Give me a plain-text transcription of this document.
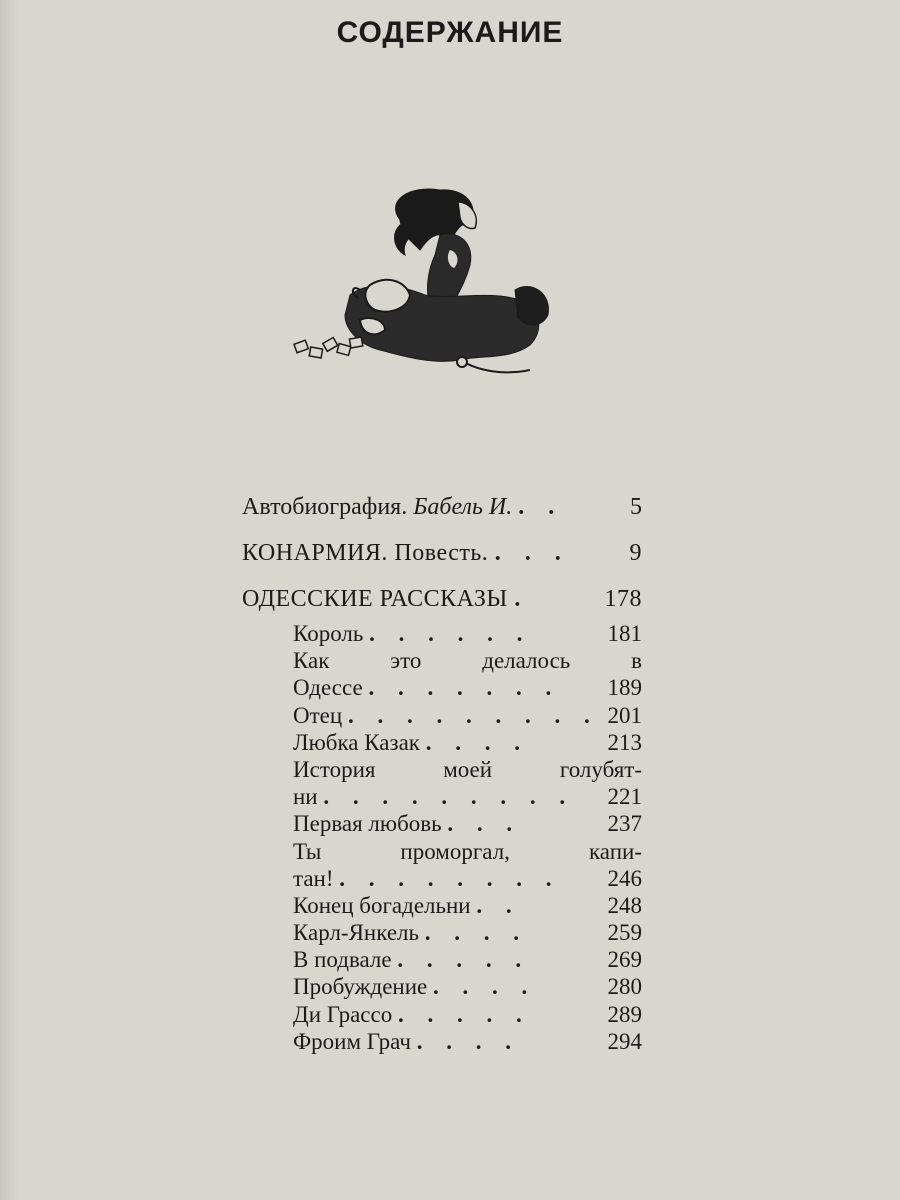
СОДЕРЖАНИЕ
Автобиография. Бабель И. . .	5
КОНАРМИЯ. Повесть. . . . 9
ОДЕССКИЕ РАССКАЗЫ .	178
Король . . . . . .	181
Как это делалось в
Одессе . . . . . . . 189
Отец . . . . . . . . . 201
Любка Казак . . . .	213
История моей голубят-
ни . . . . . . . . . 221
Первая любовь . . .	237
Ты проморгал, капи-
тан! . . . . . . . . 246
Конец богадельни . .	248
Карл-Янкель . . . .	259
В подвале . . . . .	269
Пробуждение . . . .	280
Ди Грассо . . . . .	289
Фроим Грач . . . .	294
